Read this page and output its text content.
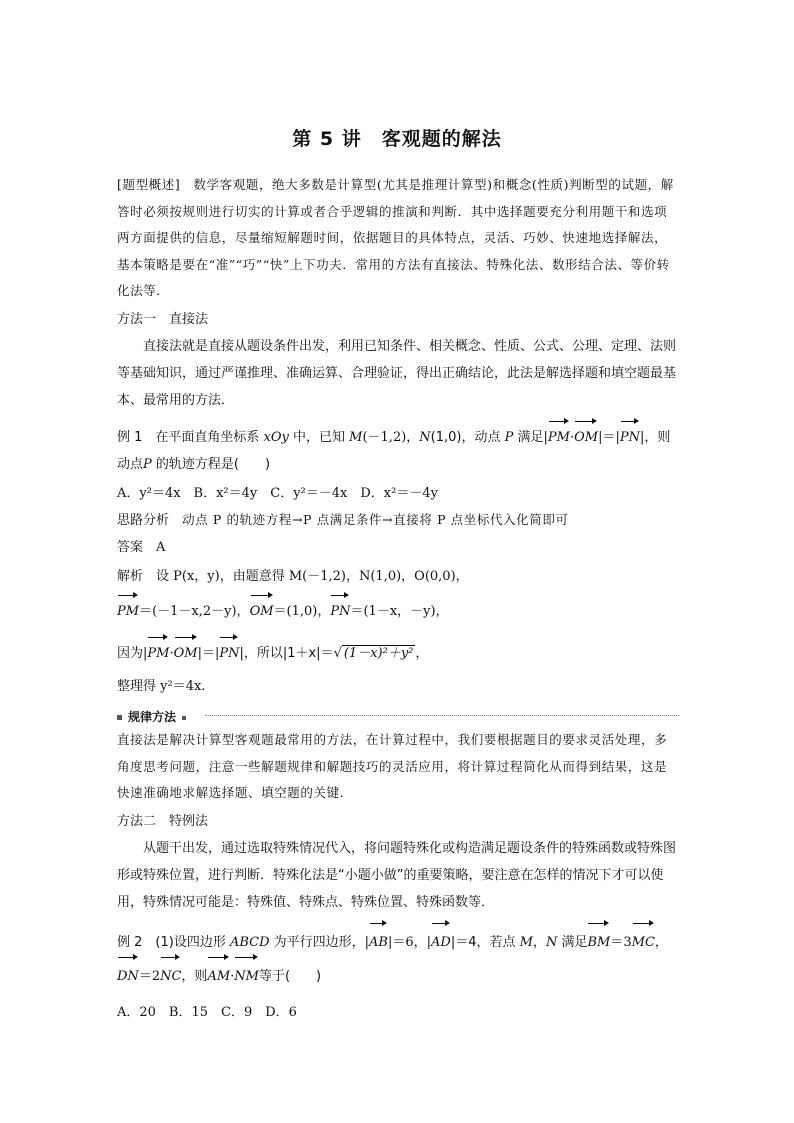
第 5 讲　客观题的解法
[题型概述]　数学客观题，绝大多数是计算型(尤其是推理计算型)和概念(性质)判断型的试题，解答时必须按规则进行切实的计算或者合乎逻辑的推演和判断．其中选择题要充分利用题干和选项两方面提供的信息，尽量缩短解题时间，依据题目的具体特点，灵活、巧妙、快速地选择解法，基本策略是要在“准”“巧”“快”上下功夫．常用的方法有直接法、特殊化法、数形结合法、等价转化法等．
方法一　直接法
直接法就是直接从题设条件出发，利用已知条件、相关概念、性质、公式、公理、定理、法则等基础知识，通过严谨推理、准确运算、合理验证，得出正确结论，此法是解选择题和填空题最基本、最常用的方法．
例 1　在平面直角坐标系 xOy 中，已知 M(－1,2)，N(1,0)，动点 P 满足|PM·OM|＝|PN|，则动点P 的轨迹方程是(　　)
A．y²＝4x　B．x²＝4y　C．y²＝－4x　D．x²＝－4y
思路分析　动点 P 的轨迹方程→P 点满足条件→直接将 P 点坐标代入化简即可
答案　A
解析　设 P(x，y)，由题意得 M(－1,2)，N(1,0)，O(0,0)，
PM＝(－1－x,2－y)，OM＝(1,0)，PN＝(1－x，－y)，
因为|PM·OM|＝|PN|，所以|1＋x|＝√ (1－x)²＋y² ，
整理得 y²＝4x.
规律方法
直接法是解决计算型客观题最常用的方法，在计算过程中，我们要根据题目的要求灵活处理，多角度思考问题，注意一些解题规律和解题技巧的灵活应用，将计算过程简化从而得到结果，这是快速准确地求解选择题、填空题的关键.
方法二　特例法
从题干出发，通过选取特殊情况代入，将问题特殊化或构造满足题设条件的特殊函数或特殊图形或特殊位置，进行判断．特殊化法是“小题小做”的重要策略，要注意在怎样的情况下才可以使用，特殊情况可能是：特殊值、特殊点、特殊位置、特殊函数等．
例 2　(1)设四边形 ABCD 为平行四边形，|AB|＝6，|AD|＝4，若点 M，N 满足BM＝3MC，DN＝2NC，则AM·NM等于(　　)
A．20　B．15　C．9　D．6
